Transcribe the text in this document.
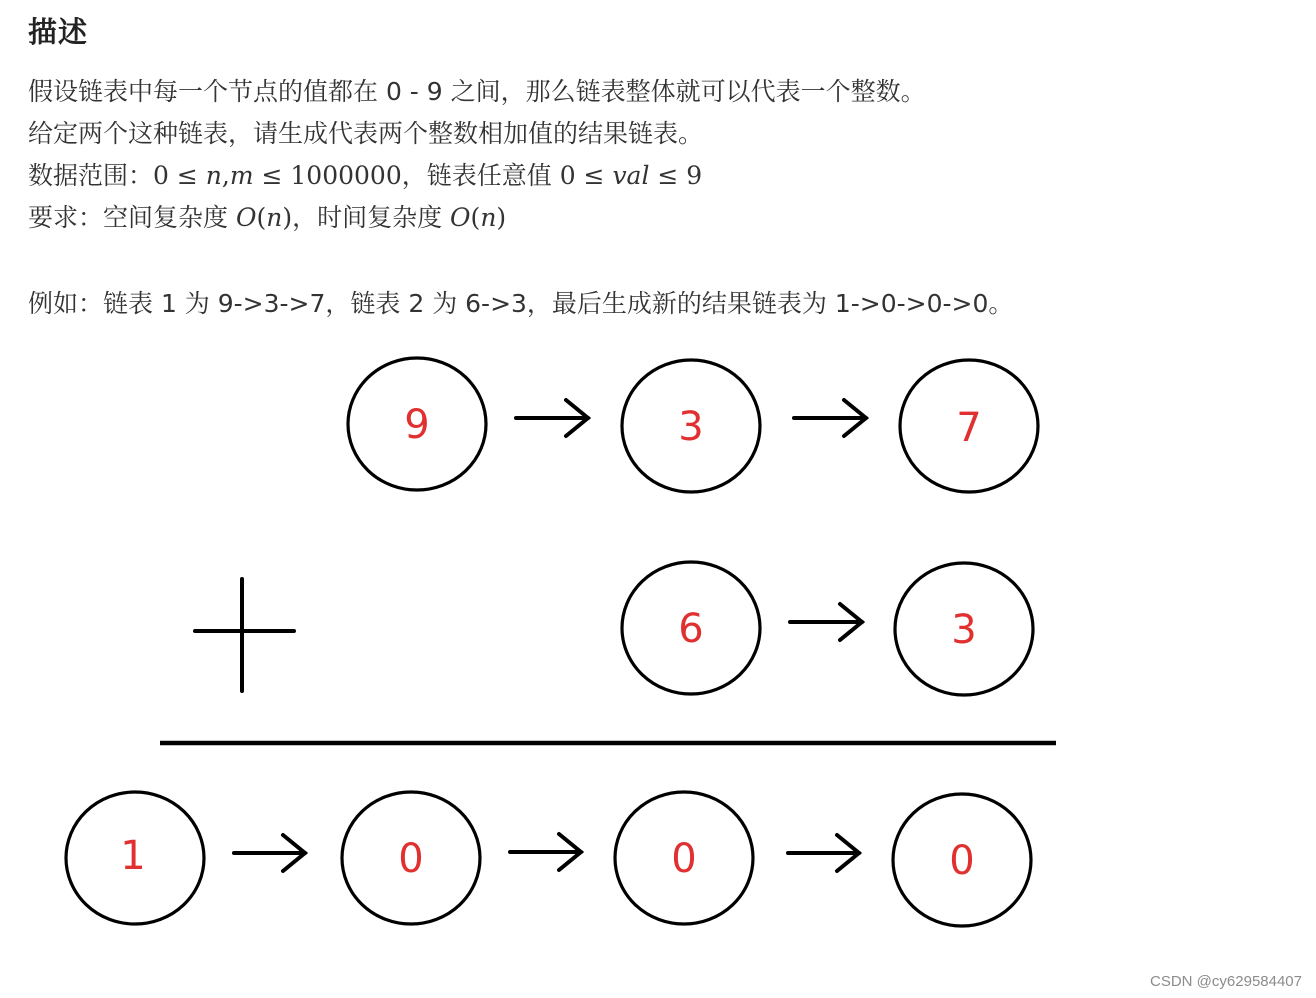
描述
假设链表中每一个节点的值都在 0 - 9 之间，那么链表整体就可以代表一个整数。
给定两个这种链表，请生成代表两个整数相加值的结果链表。
数据范围：0 ≤ n,m ≤ 1000000，链表任意值 0 ≤ val ≤ 9
要求：空间复杂度 O(n)，时间复杂度 O(n)
例如：链表 1 为 9->3->7，链表 2 为 6->3，最后生成新的结果链表为 1->0->0->0。
9	3	7
6	3
1	0	0	0
CSDN @cy629584407
